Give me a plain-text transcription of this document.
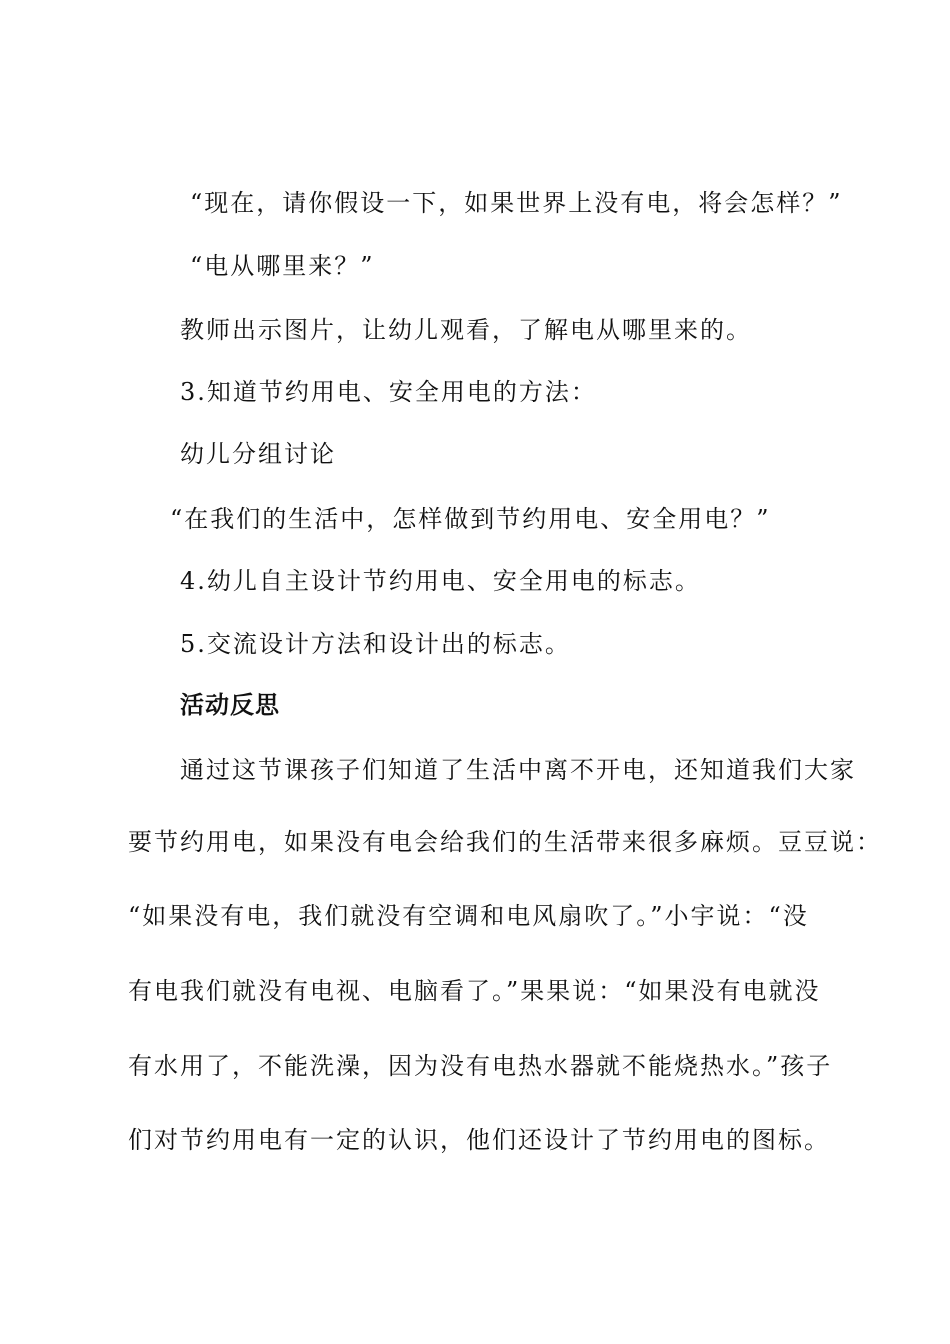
“现在，请你假设一下，如果世界上没有电，将会怎样？”
“电从哪里来？”
教师出示图片，让幼儿观看，了解电从哪里来的。
3.知道节约用电、安全用电的方法：
幼儿分组讨论
“在我们的生活中，怎样做到节约用电、安全用电？”
4.幼儿自主设计节约用电、安全用电的标志。
5.交流设计方法和设计出的标志。
活动反思
通过这节课孩子们知道了生活中离不开电，还知道我们大家
要节约用电，如果没有电会给我们的生活带来很多麻烦。豆豆说：
“如果没有电，我们就没有空调和电风扇吹了。”小宇说：“没
有电我们就没有电视、电脑看了。”果果说：“如果没有电就没
有水用了，不能洗澡，因为没有电热水器就不能烧热水。”孩子
们对节约用电有一定的认识，他们还设计了节约用电的图标。
